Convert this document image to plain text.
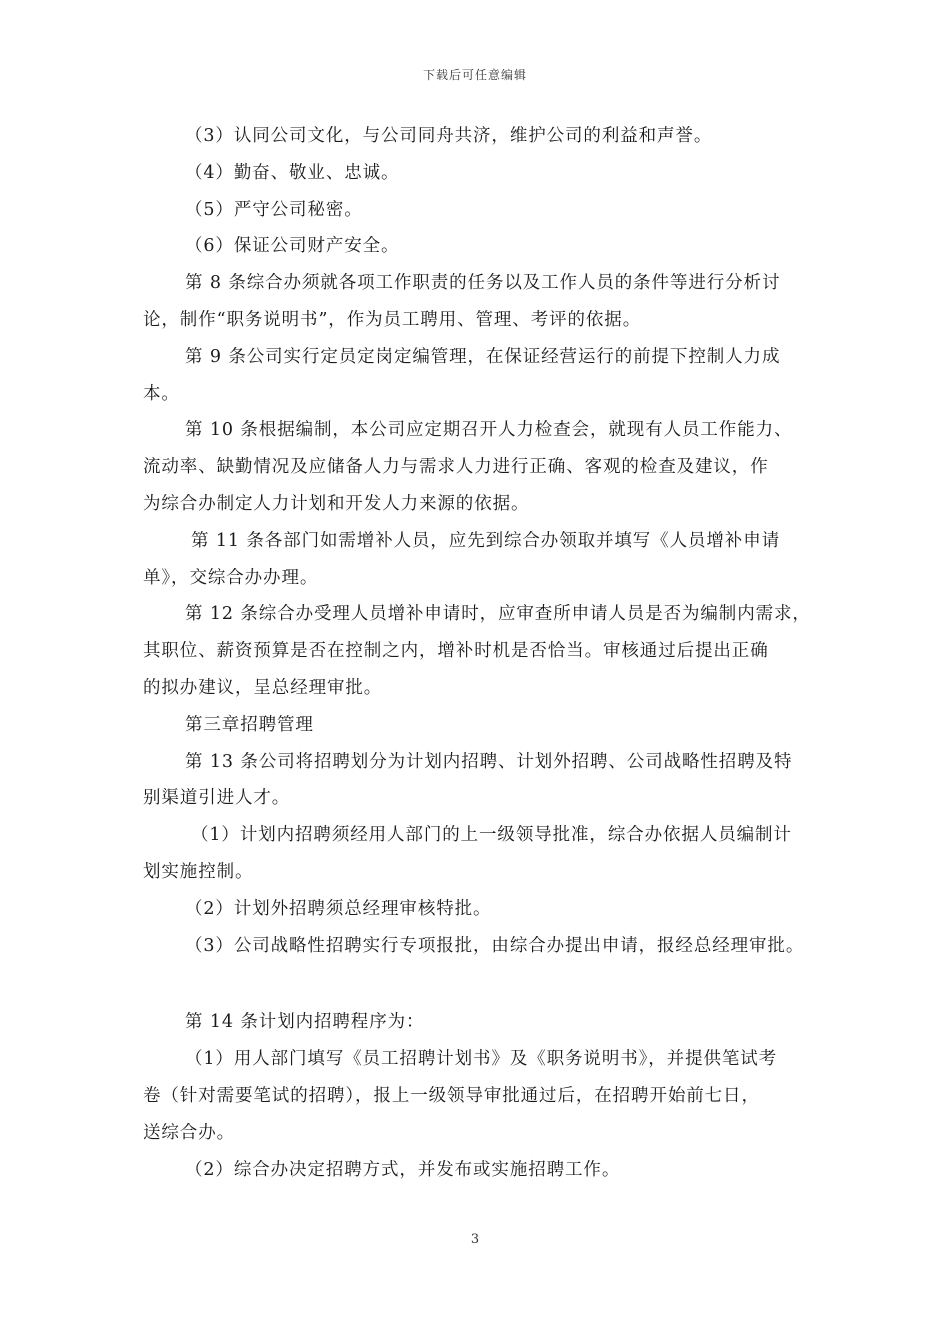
下载后可任意编辑

（3）认同公司文化，与公司同舟共济，维护公司的利益和声誉。

（4）勤奋、敬业、忠诚。

（5）严守公司秘密。

（6）保证公司财产安全。

第 8 条综合办须就各项工作职责的任务以及工作人员的条件等进行分析讨

论，制作“职务说明书”，作为员工聘用、管理、考评的依据。

第 9 条公司实行定员定岗定编管理，在保证经营运行的前提下控制人力成

本。

第 10 条根据编制，本公司应定期召开人力检查会，就现有人员工作能力、

流动率、缺勤情况及应储备人力与需求人力进行正确、客观的检查及建议，作

为综合办制定人力计划和开发人力来源的依据。

第 11 条各部门如需增补人员，应先到综合办领取并填写《人员增补申请

单》，交综合办办理。

第 12 条综合办受理人员增补申请时，应审查所申请人员是否为编制内需求，

其职位、薪资预算是否在控制之内，增补时机是否恰当。审核通过后提出正确

的拟办建议，呈总经理审批。

第三章招聘管理

第 13 条公司将招聘划分为计划内招聘、计划外招聘、公司战略性招聘及特

别渠道引进人才。

（1）计划内招聘须经用人部门的上一级领导批准，综合办依据人员编制计

划实施控制。

（2）计划外招聘须总经理审核特批。

（3）公司战略性招聘实行专项报批，由综合办提出申请，报经总经理审批。

第 14 条计划内招聘程序为：

（1）用人部门填写《员工招聘计划书》及《职务说明书》，并提供笔试考

卷（针对需要笔试的招聘），报上一级领导审批通过后，在招聘开始前七日，

送综合办。

（2）综合办决定招聘方式，并发布或实施招聘工作。

3
